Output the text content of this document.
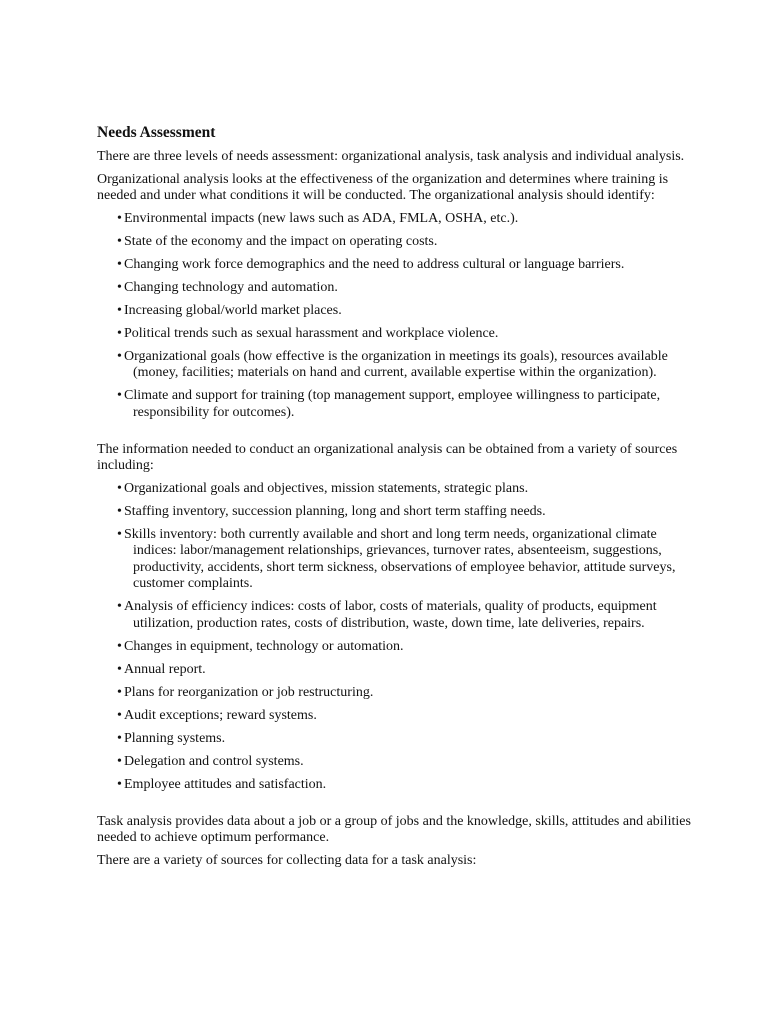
Needs Assessment

There are three levels of needs assessment: organizational analysis, task analysis and individual analysis.

Organizational analysis looks at the effectiveness of the organization and determines where training is needed and under what conditions it will be conducted. The organizational analysis should identify:

• Environmental impacts (new laws such as ADA, FMLA, OSHA, etc.).
• State of the economy and the impact on operating costs.
• Changing work force demographics and the need to address cultural or language barriers.
• Changing technology and automation.
• Increasing global/world market places.
• Political trends such as sexual harassment and workplace violence.
• Organizational goals (how effective is the organization in meetings its goals), resources available (money, facilities; materials on hand and current, available expertise within the organization).
• Climate and support for training (top management support, employee willingness to participate, responsibility for outcomes).

The information needed to conduct an organizational analysis can be obtained from a variety of sources including:

• Organizational goals and objectives, mission statements, strategic plans.
• Staffing inventory, succession planning, long and short term staffing needs.
• Skills inventory: both currently available and short and long term needs, organizational climate indices: labor/management relationships, grievances, turnover rates, absenteeism, suggestions, productivity, accidents, short term sickness, observations of employee behavior, attitude surveys, customer complaints.
• Analysis of efficiency indices: costs of labor, costs of materials, quality of products, equipment utilization, production rates, costs of distribution, waste, down time, late deliveries, repairs.
• Changes in equipment, technology or automation.
• Annual report.
• Plans for reorganization or job restructuring.
• Audit exceptions; reward systems.
• Planning systems.
• Delegation and control systems.
• Employee attitudes and satisfaction.

Task analysis provides data about a job or a group of jobs and the knowledge, skills, attitudes and abilities needed to achieve optimum performance.

There are a variety of sources for collecting data for a task analysis:
